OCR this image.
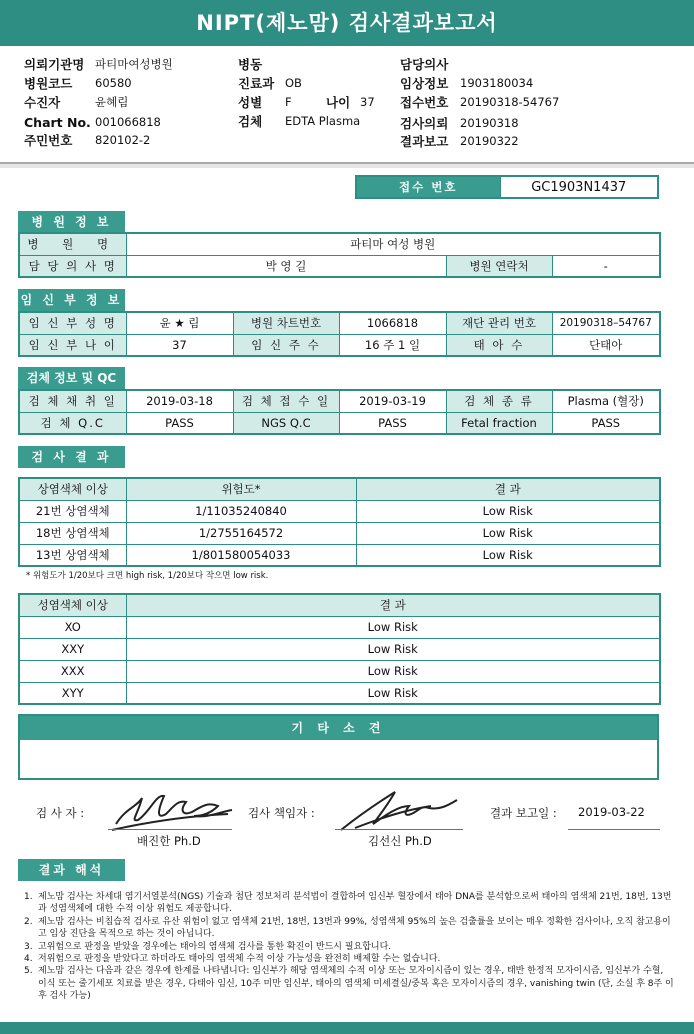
NIPT(제노맘) 검사결과보고서
의뢰기관명 파티마여성병원
병원코드 60580
수진자	윤혜림
Chart No. 001066818
주민번호 820102-2
병동
진료과 OB
성별 F	나이 37
검체 EDTA Plasma
담당의사
임상정보 1903180034
접수번호 20190318-54767
검사의뢰 20190318
결과보고 20190322
접수 번호	GC1903N1437
병 원 정 보
병 원 명	파티마 여성 병원		
담 당 의 사 명	박 영 길	병원 연락처	-
임 신 부 정 보
임 신 부 성 명	윤 ★ 림	병원 차트번호	1066818	재단 관리 번호	20190318–54767
임 신 부 나 이	37	임 신 주 수	16 주 1 일	태 아 수	단태아
검체 정보 및 QC
검 체 채 취 일	2019-03-18	검 체 접 수 일	2019-03-19	검 체 종 류	Plasma (혈장)
검 체 Q.C	PASS	NGS Q.C	PASS	Fetal fraction	PASS
검 사 결 과
상염색체 이상	위험도*	결 과
21번 상염색체	1/11035240840	Low Risk
18번 상염색체	1/2755164572	Low Risk
13번 상염색체	1/801580054033	Low Risk
* 위험도가 1/20보다 크면 high risk, 1/20보다 작으면 low risk.
성염색체 이상	결 과
XO	Low Risk
XXY	Low Risk
XXX	Low Risk
XYY	Low Risk
기 타 소 견
검 사 자 :
배진한 Ph.D
검사 책임자 :
김선신 Ph.D
결과 보고일 : 2019-03-22
결과 해석
1. 제노맘 검사는 차세대 염기서열분석(NGS) 기술과 첨단 정보처리 분석법이 결합하여 임신부 혈장에서 태아 DNA를 분석함으로써 태아의 염색체 21번, 18번, 13번과 성염색체에 대한 수적 이상 위험도 제공합니다.
2. 제노맘 검사는 비침습적 검사로 유산 위험이 없고 염색체 21번, 18번, 13번과 99%, 성염색체 95%의 높은 검출률을 보이는 매우 정확한 검사이나, 오직 참고용이고 임상 진단을 목적으로 하는 것이 아닙니다.
3. 고위험으로 판정을 받았을 경우에는 태아의 염색체 검사를 통한 확진이 반드시 필요합니다.
4. 저위험으로 판정을 받았다고 하더라도 태아의 염색체 수적 이상 가능성을 완전히 배제할 수는 없습니다.
5. 제노맘 검사는 다음과 같은 경우에 한계를 나타냅니다: 임신부가 해당 염색체의 수적 이상 또는 모자이시즘이 있는 경우, 태반 한정적 모자이시즘, 임신부가 수혈, 이식 또는 줄기세포 치료를 받은 경우, 다태아 임신, 10주 미만 임신부, 태아의 염색체 미세결실/중복 혹은 모자이시즘의 경우, vanishing twin (단, 소실 후 8주 이후 검사 가능)
